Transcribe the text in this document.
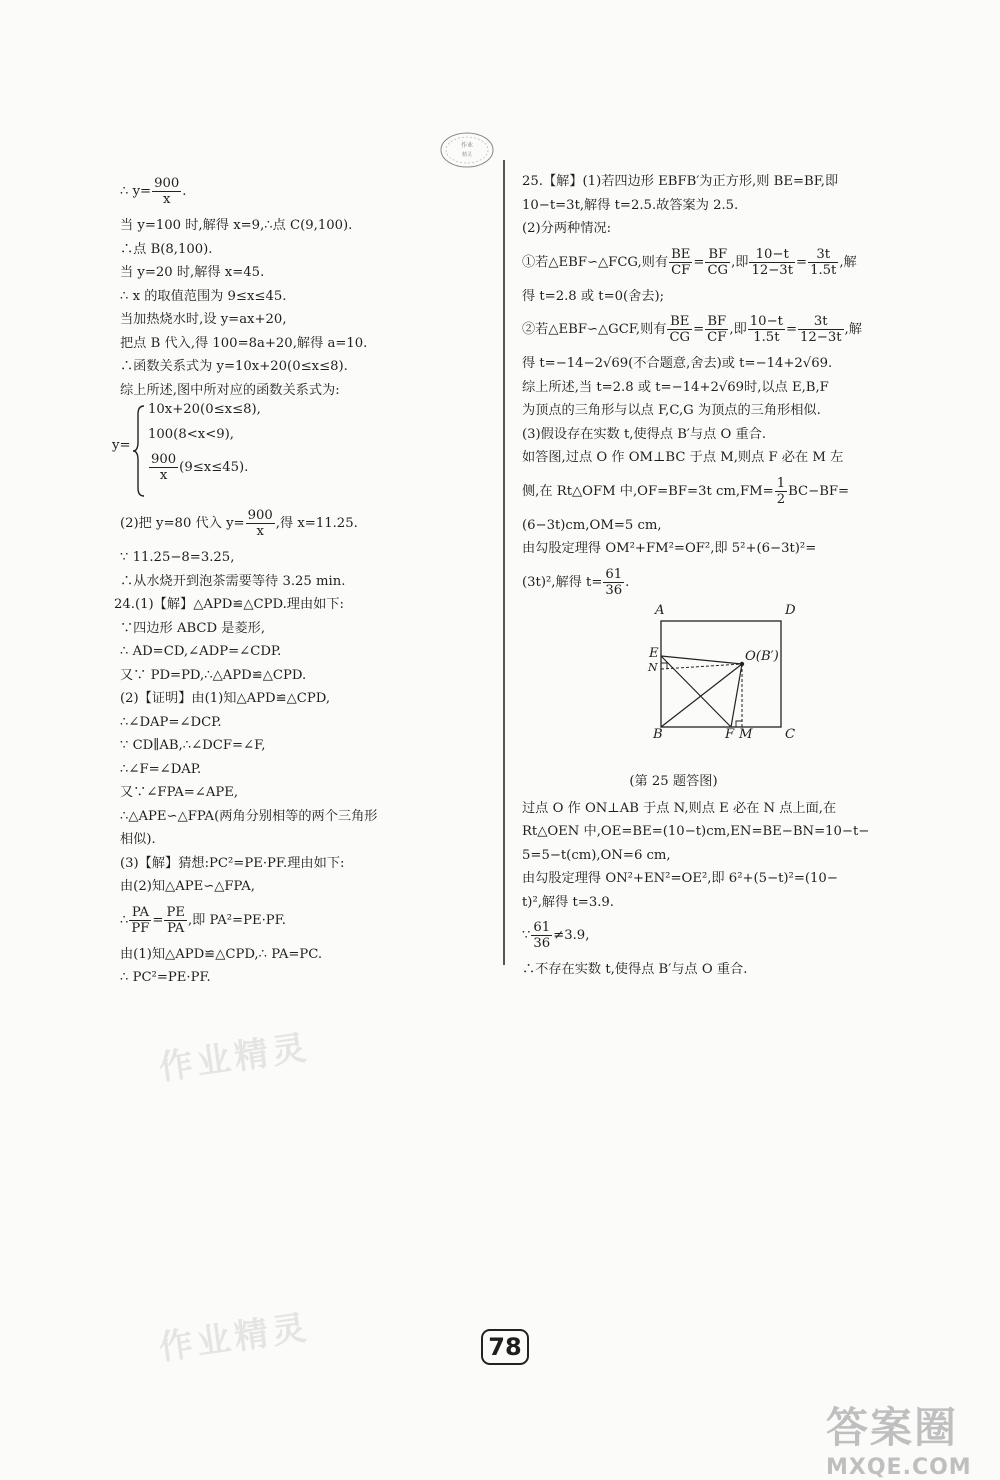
作业
精灵
∴ $y= \frac{900}{x}$ .
当 y=100 时,解得 x=9,∴点 C(9,100).
∴点 B(8,100).
当 y=20 时,解得 x=45.
∴ x 的取值范围为 9≤x≤45.
当加热烧水时,设 y=ax+20,
把点 B 代入,得 100=8a+20,解得 a=10.
∴函数关系式为 y=10x+20(0≤x≤8).
综上所述,图中所对应的函数关系式为:
y=
10x+20(0≤x≤8),
100(8<x<9),
$\frac{900}{x} (9\le x\le 45)$.
(2)把 y=80 代入 $y= \frac{900}{x}$ ,得 x=11.25.
∵ 11.25−8=3.25,
∴从水烧开到泡茶需要等待 3.25 min.
24.(1)【解】△APD≌△CPD.理由如下:
∵四边形 ABCD 是菱形,
∴ AD=CD,∠ADP=∠CDP.
又∵ PD=PD,∴△APD≌△CPD.
(2)【证明】由(1)知△APD≌△CPD,
∴∠DAP=∠DCP.
∵ CD∥AB,∴∠DCF=∠F,
∴∠F=∠DAP.
又∵∠FPA=∠APE,
∴△APE∽△FPA(两角分别相等的两个三角形
相似).
(3)【解】猜想:PC²=PE·PF.理由如下:
由(2)知△APE∽△FPA,
∴ $\frac{PA}{PF} = \frac{PE}{PA}$ ,即 PA²=PE·PF.
由(1)知△APD≌△CPD,∴ PA=PC.
∴ PC²=PE·PF.
25.【解】(1)若四边形 EBFB′为正方形,则 BE=BF,即
10−t=3t,解得 t=2.5.故答案为 2.5.
(2)分两种情况:
①若△EBF∽△FCG,则有 $\frac{BE}{CF} = \frac{BF}{CG}$ ,即 $\frac{10-t}{12-3t} = \frac{3t}{1.5t}$ ,解
得 t=2.8 或 t=0(舍去);
②若△EBF∽△GCF,则有 $\frac{BE}{CG} = \frac{BF}{CF}$ ,即 $\frac{10-t}{1.5t} = \frac{3t}{12-3t}$ ,解
得 t=−14−2√69(不合题意,舍去)或 t=−14+2√69.
综上所述,当 t=2.8 或 t=−14+2√69时,以点 E,B,F
为顶点的三角形与以点 F,C,G 为顶点的三角形相似.
(3)假设存在实数 t,使得点 B′与点 O 重合.
如答图,过点 O 作 OM⊥BC 于点 M,则点 F 必在 M 左
侧,在 Rt△OFM 中,OF=BF=3t $cm,FM= \frac{1}{2} BC-BF=$
(6−3t)cm,OM=5 cm,
由勾股定理得 OM²+FM²=OF²,即 5²+(6−3t)²=
(3t)²,解得 $t= \frac{61}{36}$ .
A	D
E
N
O(B′)
B	F M C
(第 25 题答图)
过点 O 作 ON⊥AB 于点 N,则点 E 必在 N 点上面,在
Rt△OEN 中,OE=BE=(10−t)cm,EN=BE−BN=10−t−
5=5−t(cm),ON=6 cm,
由勾股定理得 ON²+EN²=OE²,即 6²+(5−t)²=(10−
t)²,解得 t=3.9.
∵ $\frac{61}{36} \ne 3.9$,
∴不存在实数 t,使得点 B′与点 O 重合.
作业精灵
作业精灵	78
答案圈
MXQE.COM
